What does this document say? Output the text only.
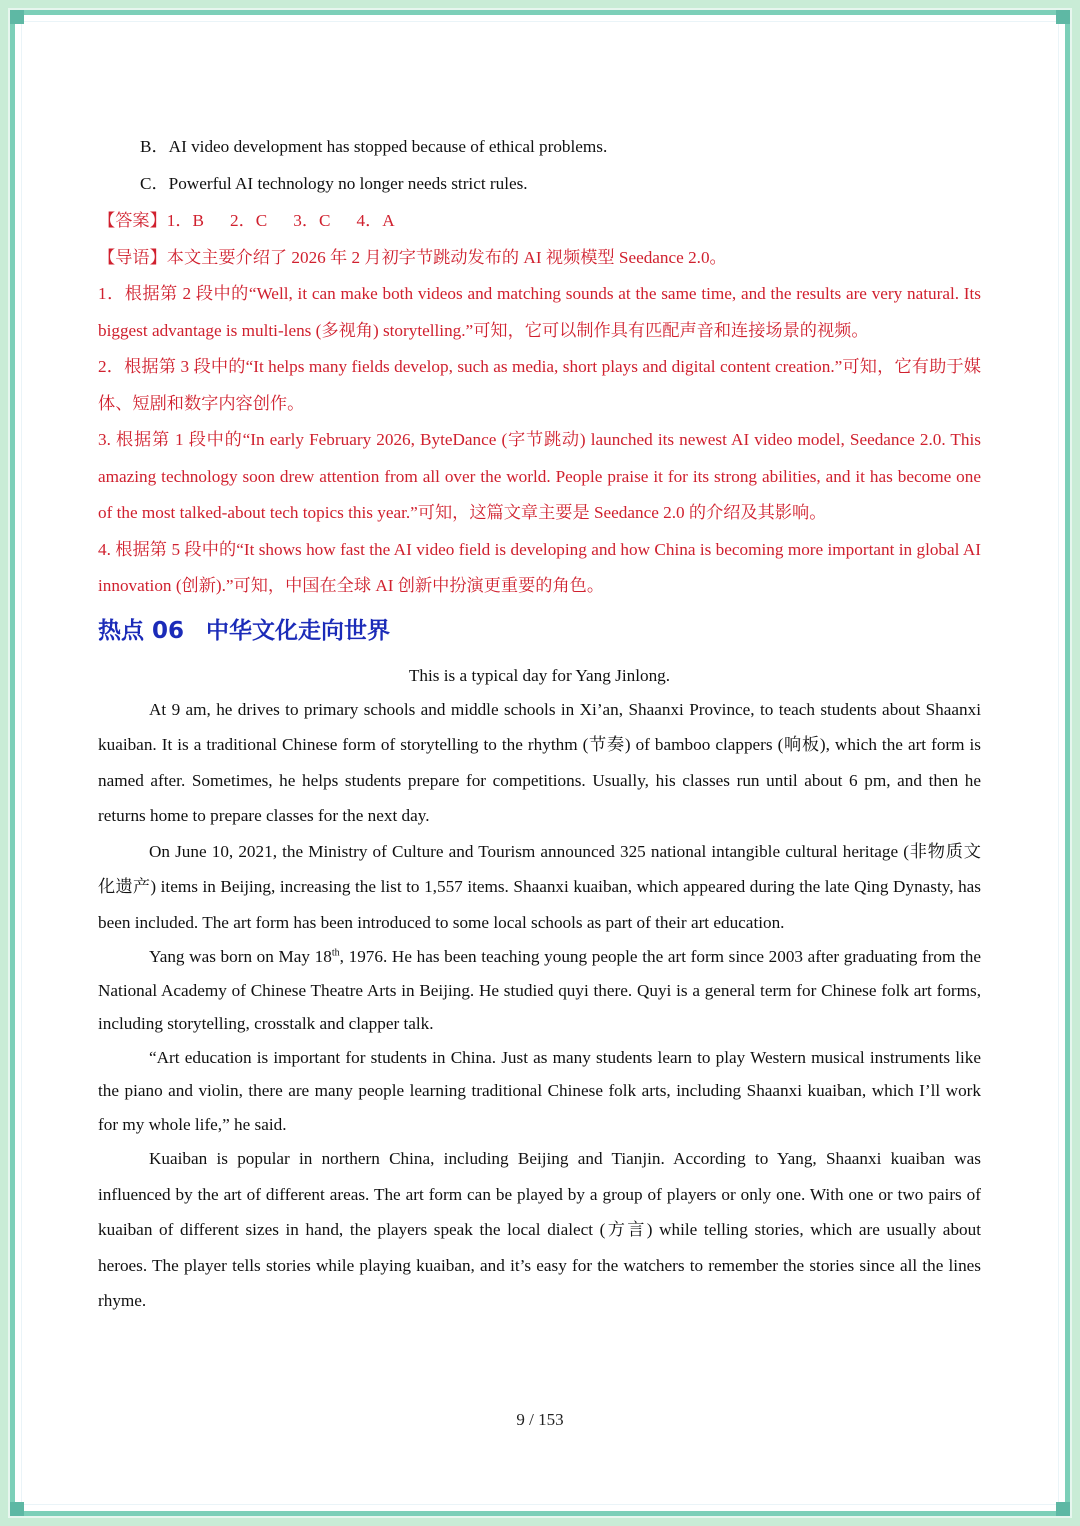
B．AI video development has stopped because of ethical problems.

C．Powerful AI technology no longer needs strict rules.

【答案】1．B 2．C 3．C 4．A

【导语】本文主要介绍了 2026 年 2 月初字节跳动发布的 AI 视频模型 Seedance 2.0。

1．根据第 2 段中的“Well, it can make both videos and matching sounds at the same time, and the results are very natural. Its biggest advantage is multi-lens (多视角) storytelling.”可知，它可以制作具有匹配声音和连接场景的视频。

2．根据第 3 段中的“It helps many fields develop, such as media, short plays and digital content creation.”可知，它有助于媒体、短剧和数字内容创作。

3. 根据第 1 段中的“In early February 2026, ByteDance (字节跳动) launched its newest AI video model, Seedance 2.0. This amazing technology soon drew attention from all over the world. People praise it for its strong abilities, and it has become one of the most talked-about tech topics this year.”可知，这篇文章主要是 Seedance 2.0 的介绍及其影响。

4. 根据第 5 段中的“It shows how fast the AI video field is developing and how China is becoming more important in global AI innovation (创新).”可知，中国在全球 AI 创新中扮演更重要的角色。

热点 06 中华文化走向世界

This is a typical day for Yang Jinlong.

At 9 am, he drives to primary schools and middle schools in Xi’an, Shaanxi Province, to teach students about Shaanxi kuaiban. It is a traditional Chinese form of storytelling to the rhythm (节奏) of bamboo clappers (响板), which the art form is named after. Sometimes, he helps students prepare for competitions. Usually, his classes run until about 6 pm, and then he returns home to prepare classes for the next day.

On June 10, 2021, the Ministry of Culture and Tourism announced 325 national intangible cultural heritage (非物质文化遗产) items in Beijing, increasing the list to 1,557 items. Shaanxi kuaiban, which appeared during the late Qing Dynasty, has been included. The art form has been introduced to some local schools as part of their art education.

Yang was born on May 18th, 1976. He has been teaching young people the art form since 2003 after graduating from the National Academy of Chinese Theatre Arts in Beijing. He studied quyi there. Quyi is a general term for Chinese folk art forms, including storytelling, crosstalk and clapper talk.

“Art education is important for students in China. Just as many students learn to play Western musical instruments like the piano and violin, there are many people learning traditional Chinese folk arts, including Shaanxi kuaiban, which I’ll work for my whole life,” he said.

Kuaiban is popular in northern China, including Beijing and Tianjin. According to Yang, Shaanxi kuaiban was influenced by the art of different areas. The art form can be played by a group of players or only one. With one or two pairs of kuaiban of different sizes in hand, the players speak the local dialect (方言) while telling stories, which are usually about heroes. The player tells stories while playing kuaiban, and it’s easy for the watchers to remember the stories since all the lines rhyme.

9 / 153
